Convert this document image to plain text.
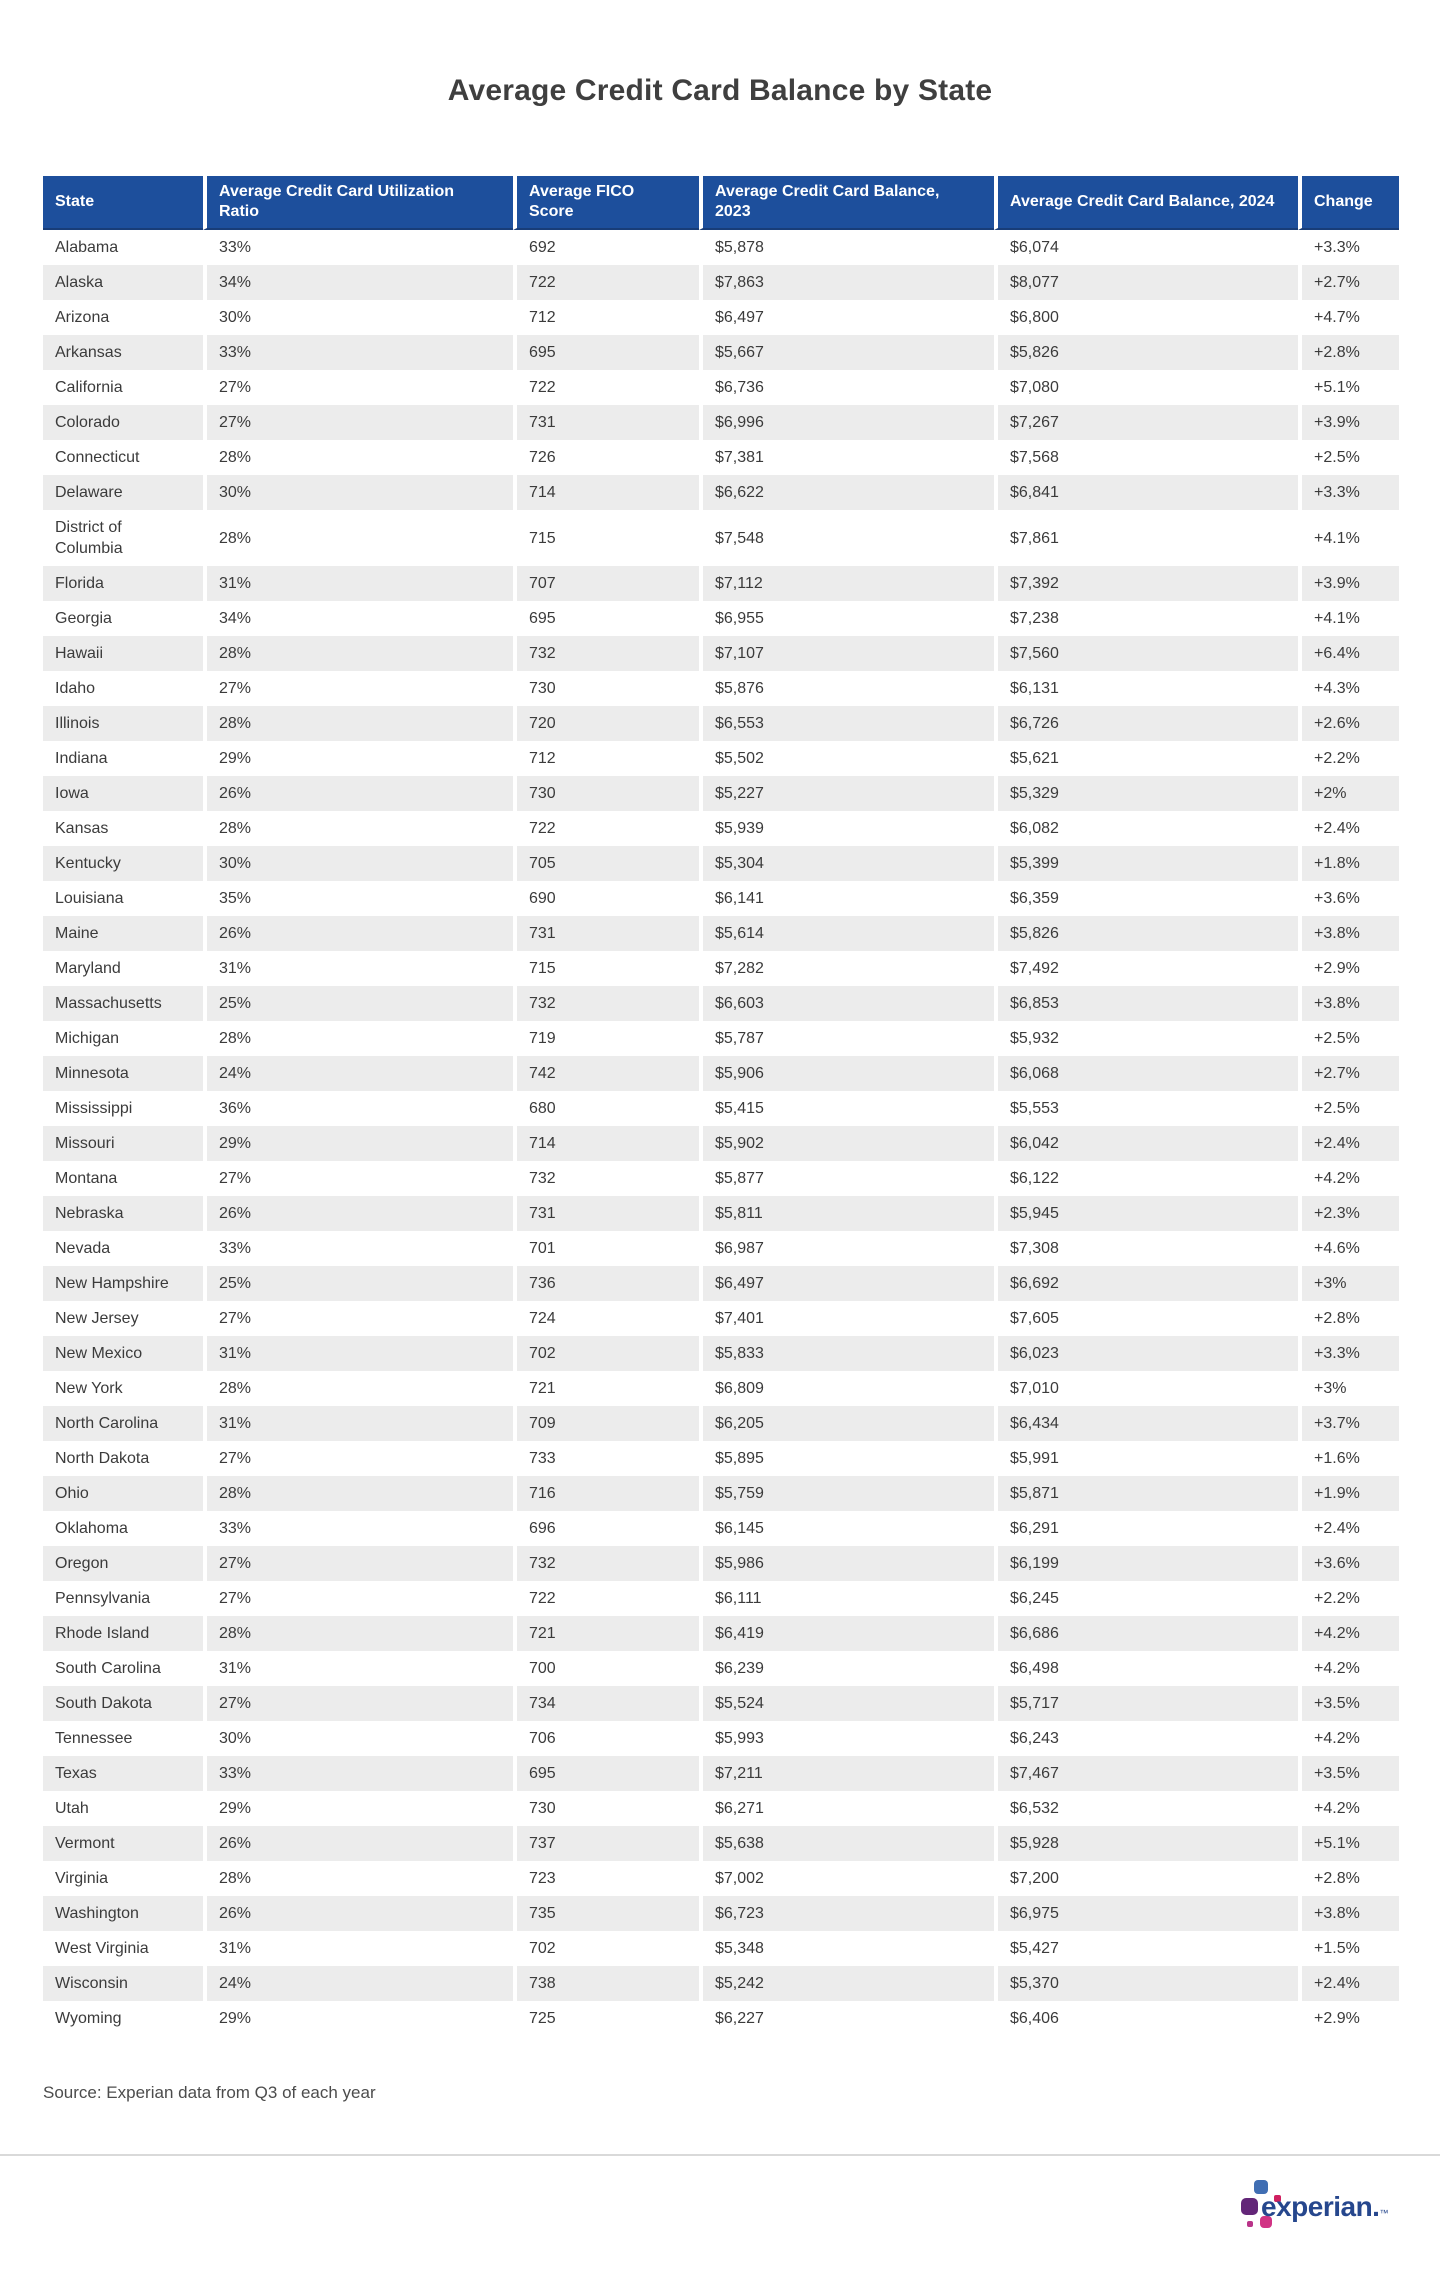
Average Credit Card Balance by State
State	Average Credit Card Utilization Ratio	Average FICO Score	Average Credit Card Balance, 2023	Average Credit Card Balance, 2024	Change
Alabama	33%	692	$5,878	$6,074	+3.3%
Alaska	34%	722	$7,863	$8,077	+2.7%
Arizona	30%	712	$6,497	$6,800	+4.7%
Arkansas	33%	695	$5,667	$5,826	+2.8%
California	27%	722	$6,736	$7,080	+5.1%
Colorado	27%	731	$6,996	$7,267	+3.9%
Connecticut	28%	726	$7,381	$7,568	+2.5%
Delaware	30%	714	$6,622	$6,841	+3.3%
District of Columbia	28%	715	$7,548	$7,861	+4.1%
Florida	31%	707	$7,112	$7,392	+3.9%
Georgia	34%	695	$6,955	$7,238	+4.1%
Hawaii	28%	732	$7,107	$7,560	+6.4%
Idaho	27%	730	$5,876	$6,131	+4.3%
Illinois	28%	720	$6,553	$6,726	+2.6%
Indiana	29%	712	$5,502	$5,621	+2.2%
Iowa	26%	730	$5,227	$5,329	+2%
Kansas	28%	722	$5,939	$6,082	+2.4%
Kentucky	30%	705	$5,304	$5,399	+1.8%
Louisiana	35%	690	$6,141	$6,359	+3.6%
Maine	26%	731	$5,614	$5,826	+3.8%
Maryland	31%	715	$7,282	$7,492	+2.9%
Massachusetts	25%	732	$6,603	$6,853	+3.8%
Michigan	28%	719	$5,787	$5,932	+2.5%
Minnesota	24%	742	$5,906	$6,068	+2.7%
Mississippi	36%	680	$5,415	$5,553	+2.5%
Missouri	29%	714	$5,902	$6,042	+2.4%
Montana	27%	732	$5,877	$6,122	+4.2%
Nebraska	26%	731	$5,811	$5,945	+2.3%
Nevada	33%	701	$6,987	$7,308	+4.6%
New Hampshire	25%	736	$6,497	$6,692	+3%
New Jersey	27%	724	$7,401	$7,605	+2.8%
New Mexico	31%	702	$5,833	$6,023	+3.3%
New York	28%	721	$6,809	$7,010	+3%
North Carolina	31%	709	$6,205	$6,434	+3.7%
North Dakota	27%	733	$5,895	$5,991	+1.6%
Ohio	28%	716	$5,759	$5,871	+1.9%
Oklahoma	33%	696	$6,145	$6,291	+2.4%
Oregon	27%	732	$5,986	$6,199	+3.6%
Pennsylvania	27%	722	$6,111	$6,245	+2.2%
Rhode Island	28%	721	$6,419	$6,686	+4.2%
South Carolina	31%	700	$6,239	$6,498	+4.2%
South Dakota	27%	734	$5,524	$5,717	+3.5%
Tennessee	30%	706	$5,993	$6,243	+4.2%
Texas	33%	695	$7,211	$7,467	+3.5%
Utah	29%	730	$6,271	$6,532	+4.2%
Vermont	26%	737	$5,638	$5,928	+5.1%
Virginia	28%	723	$7,002	$7,200	+2.8%
Washington	26%	735	$6,723	$6,975	+3.8%
West Virginia	31%	702	$5,348	$5,427	+1.5%
Wisconsin	24%	738	$5,242	$5,370	+2.4%
Wyoming	29%	725	$6,227	$6,406	+2.9%

Source: Experian data from Q3 of each year

experian.™
